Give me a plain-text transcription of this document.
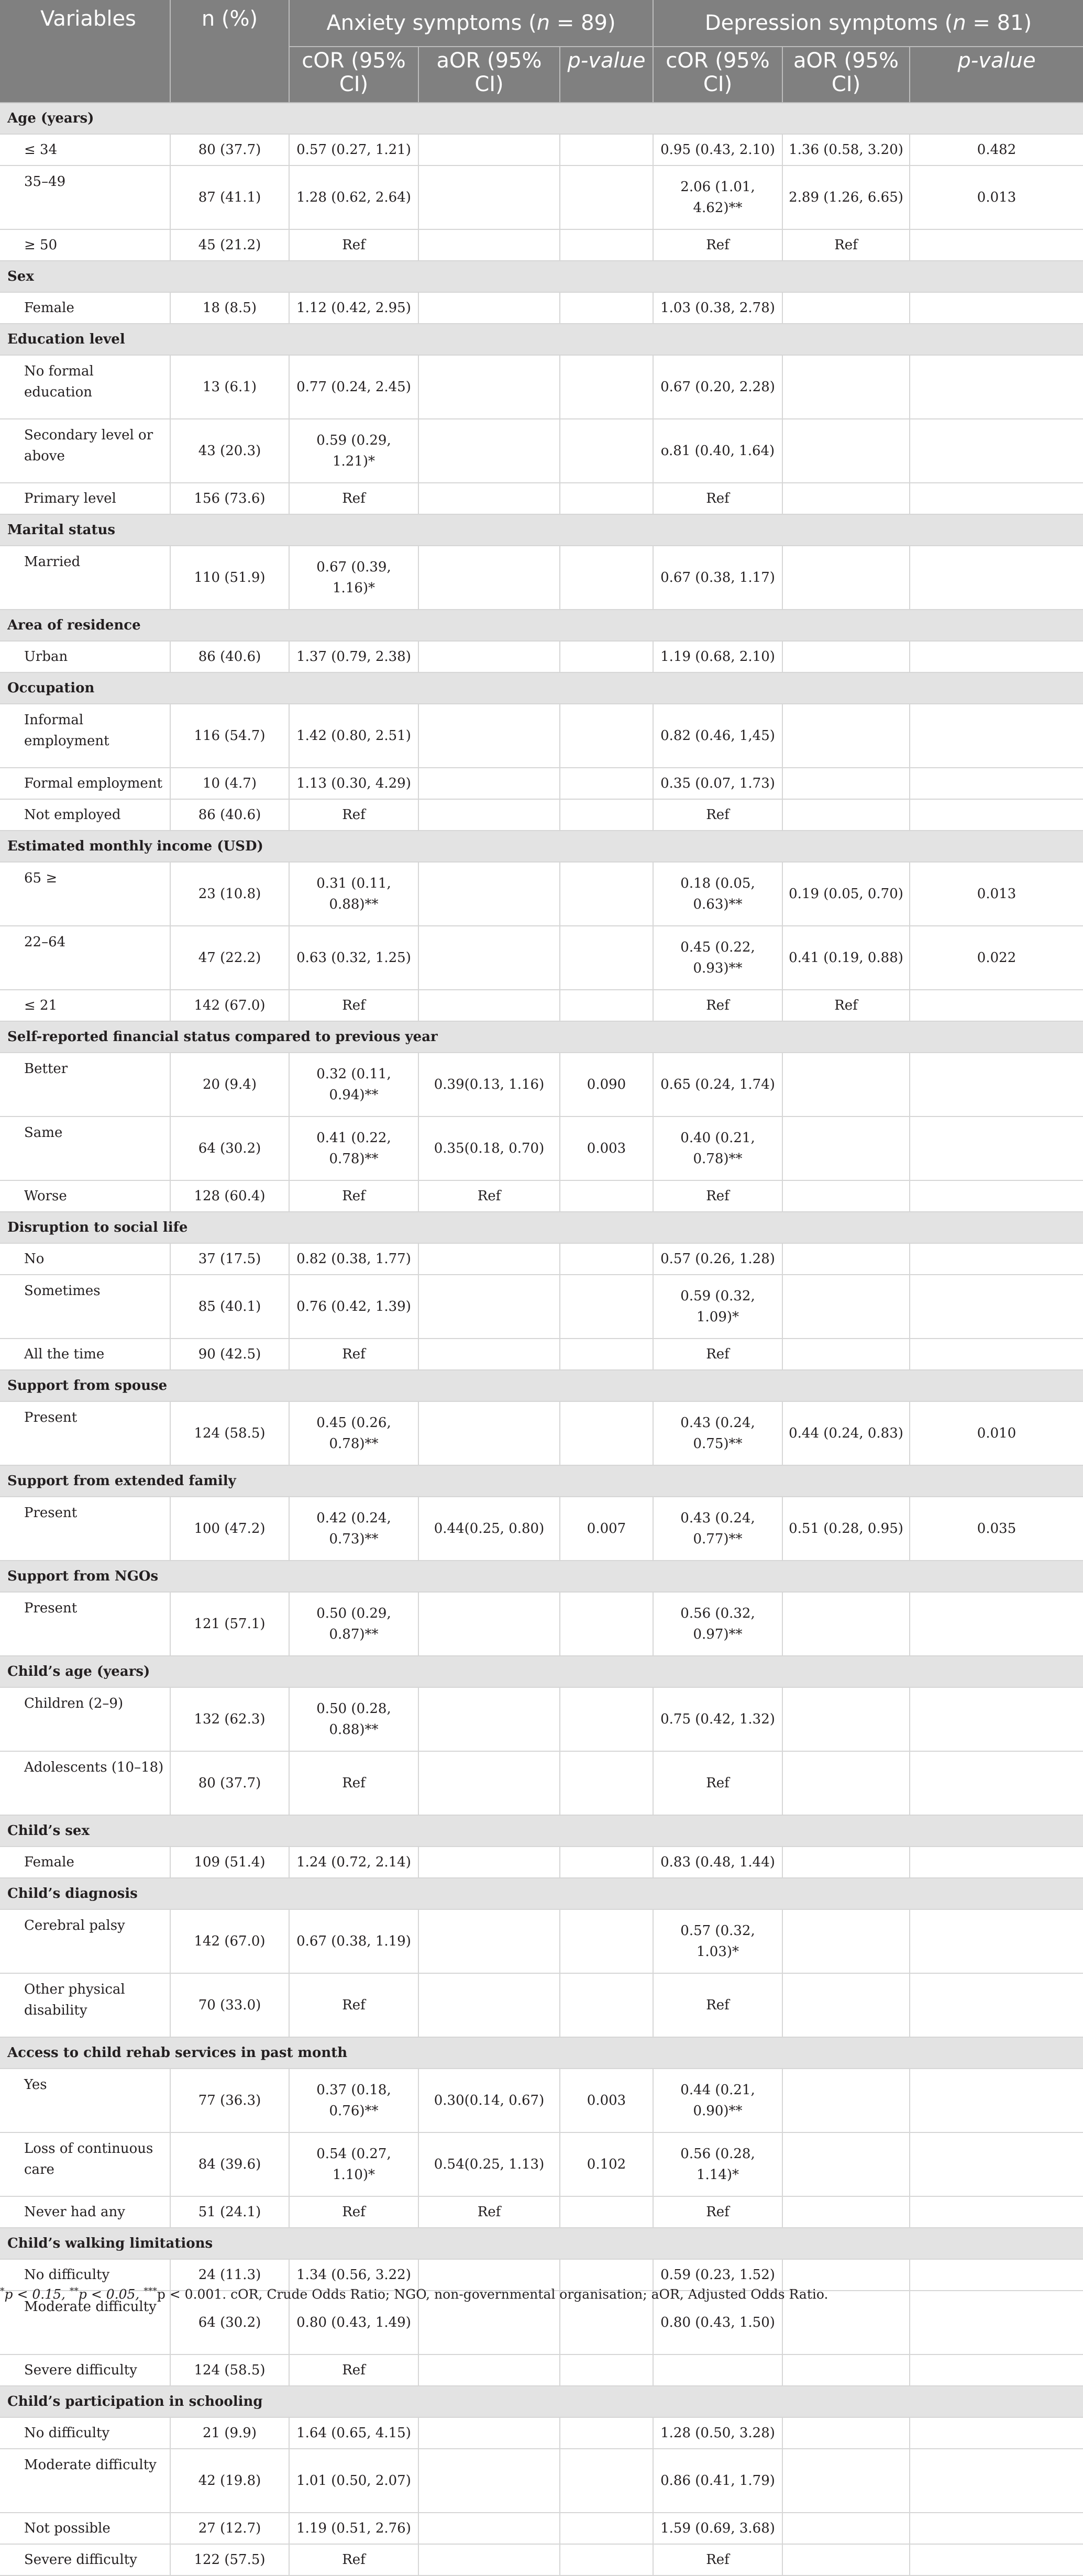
Variables	n (%)	Anxiety symptoms (n = 89)			Depression symptoms (n = 81)		
		cOR (95% CI)	aOR (95% CI)	p-value	cOR (95% CI)	aOR (95% CI)	p-value
Age (years)							
≤ 34	80 (37.7)	0.57 (0.27, 1.21)			0.95 (0.43, 2.10)	1.36 (0.58, 3.20)	0.482
35–49	87 (41.1)	1.28 (0.62, 2.64)			2.06 (1.01, 4.62)**	2.89 (1.26, 6.65)	0.013
≥ 50	45 (21.2)	Ref			Ref	Ref	
Sex							
Female	18 (8.5)	1.12 (0.42, 2.95)			1.03 (0.38, 2.78)		
Education level							
No formal education	13 (6.1)	0.77 (0.24, 2.45)			0.67 (0.20, 2.28)		
Secondary level or above	43 (20.3)	0.59 (0.29, 1.21)*			o.81 (0.40, 1.64)		
Primary level	156 (73.6)	Ref			Ref		
Marital status							
Married	110 (51.9)	0.67 (0.39, 1.16)*			0.67 (0.38, 1.17)		
Area of residence							
Urban	86 (40.6)	1.37 (0.79, 2.38)			1.19 (0.68, 2.10)		
Occupation							
Informal employment	116 (54.7)	1.42 (0.80, 2.51)			0.82 (0.46, 1,45)		
Formal employment	10 (4.7)	1.13 (0.30, 4.29)			0.35 (0.07, 1.73)		
Not employed	86 (40.6)	Ref			Ref		
Estimated monthly income (USD)							
65 ≥	23 (10.8)	0.31 (0.11, 0.88)**			0.18 (0.05, 0.63)**	0.19 (0.05, 0.70)	0.013
22–64	47 (22.2)	0.63 (0.32, 1.25)			0.45 (0.22, 0.93)**	0.41 (0.19, 0.88)	0.022
≤ 21	142 (67.0)	Ref			Ref	Ref	
Self-reported financial status compared to previous year							
Better	20 (9.4)	0.32 (0.11, 0.94)**	0.39(0.13, 1.16)	0.090	0.65 (0.24, 1.74)		
Same	64 (30.2)	0.41 (0.22, 0.78)**	0.35(0.18, 0.70)	0.003	0.40 (0.21, 0.78)**		
Worse	128 (60.4)	Ref	Ref		Ref		
Disruption to social life							
No	37 (17.5)	0.82 (0.38, 1.77)			0.57 (0.26, 1.28)		
Sometimes	85 (40.1)	0.76 (0.42, 1.39)			0.59 (0.32, 1.09)*		
All the time	90 (42.5)	Ref			Ref		
Support from spouse							
Present	124 (58.5)	0.45 (0.26, 0.78)**			0.43 (0.24, 0.75)**	0.44 (0.24, 0.83)	0.010
Support from extended family							
Present	100 (47.2)	0.42 (0.24, 0.73)**	0.44(0.25, 0.80)	0.007	0.43 (0.24, 0.77)**	0.51 (0.28, 0.95)	0.035
Support from NGOs							
Present	121 (57.1)	0.50 (0.29, 0.87)**			0.56 (0.32, 0.97)**		
Child’s age (years)							
Children (2–9)	132 (62.3)	0.50 (0.28, 0.88)**			0.75 (0.42, 1.32)		
Adolescents (10–18)	80 (37.7)	Ref			Ref		
Child’s sex							
Female	109 (51.4)	1.24 (0.72, 2.14)			0.83 (0.48, 1.44)		
Child’s diagnosis							
Cerebral palsy	142 (67.0)	0.67 (0.38, 1.19)			0.57 (0.32, 1.03)*		
Other physical disability	70 (33.0)	Ref			Ref		
Access to child rehab services in past month							
Yes	77 (36.3)	0.37 (0.18, 0.76)**	0.30(0.14, 0.67)	0.003	0.44 (0.21, 0.90)**		
Loss of continuous care	84 (39.6)	0.54 (0.27, 1.10)*	0.54(0.25, 1.13)	0.102	0.56 (0.28, 1.14)*		
Never had any	51 (24.1)	Ref	Ref		Ref		
Child’s walking limitations							
No difficulty	24 (11.3)	1.34 (0.56, 3.22)			0.59 (0.23, 1.52)		
Moderate difficulty	64 (30.2)	0.80 (0.43, 1.49)			0.80 (0.43, 1.50)		
Severe difficulty	124 (58.5)	Ref					
Child’s participation in schooling							
No difficulty	21 (9.9)	1.64 (0.65, 4.15)			1.28 (0.50, 3.28)		
Moderate difficulty	42 (19.8)	1.01 (0.50, 2.07)			0.86 (0.41, 1.79)		
Not possible	27 (12.7)	1.19 (0.51, 2.76)			1.59 (0.69, 3.68)		
Severe difficulty	122 (57.5)	Ref			Ref		
*p < 0.15, **p < 0.05, ***p < 0.001. cOR, Crude Odds Ratio; NGO, non-governmental organisation; aOR, Adjusted Odds Ratio.
